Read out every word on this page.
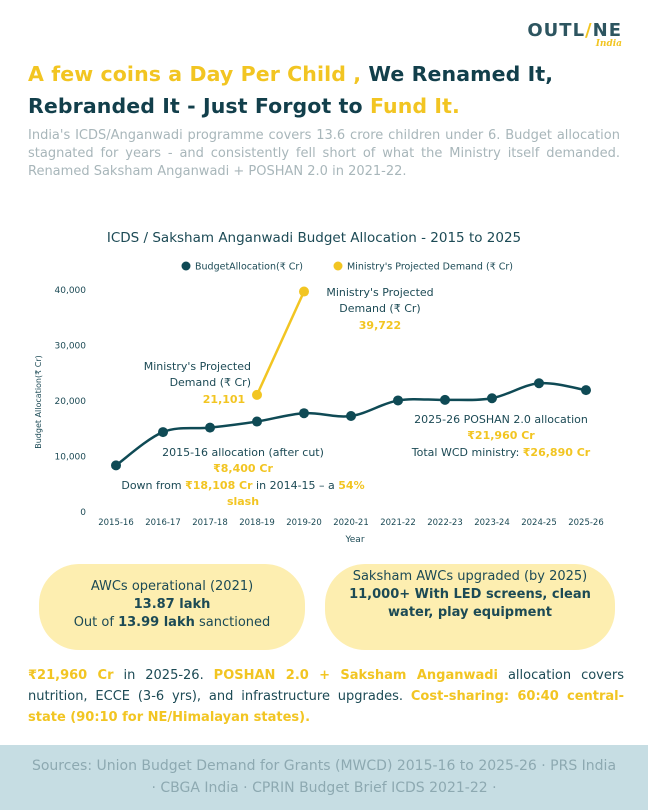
OUTL/NE
India
A few coins a Day Per Child , We Renamed It, Rebranded It - Just Forgot to Fund It.

India's ICDS/Anganwadi programme covers 13.6 crore children under 6. Budget allocation stagnated for years - and consistently fell short of what the Ministry itself demanded. Renamed Saksham Anganwadi + POSHAN 2.0 in 2021-22.

ICDS / Saksham Anganwadi Budget Allocation - 2015 to 2025
BudgetAllocation(₹ Cr)	Ministry's Projected Demand (₹ Cr)
Budget Allocation(₹ Cr)
Year
0
10,000
20,000
30,000
40,000
2015-16 2016-17 2017-18 2018-19 2019-20 2020-21 2021-22 2022-23 2023-24 2024-25 2025-26
Ministry's Projected
Demand (₹ Cr)
39,722
Ministry's Projected
Demand (₹ Cr)
21,101
2015-16 allocation (after cut)
₹8,400 Cr
Down from ₹18,108 Cr in 2014-15 – a 54%
slash
2025-26 POSHAN 2.0 allocation
₹21,960 Cr
Total WCD ministry: ₹26,890 Cr
AWCs operational (2021)
13.87 lakh
Out of 13.99 lakh sanctioned
Saksham AWCs upgraded (by 2025)
11,000+ With LED screens, clean water, play equipment

₹21,960 Cr in 2025-26. POSHAN 2.0 + Saksham Anganwadi allocation covers nutrition, ECCE (3-6 yrs), and infrastructure upgrades. Cost-sharing: 60:40 central-state (90:10 for NE/Himalayan states).

Sources: Union Budget Demand for Grants (MWCD) 2015-16 to 2025-26 · PRS India · CBGA India · CPRIN Budget Brief ICDS 2021-22 ·
